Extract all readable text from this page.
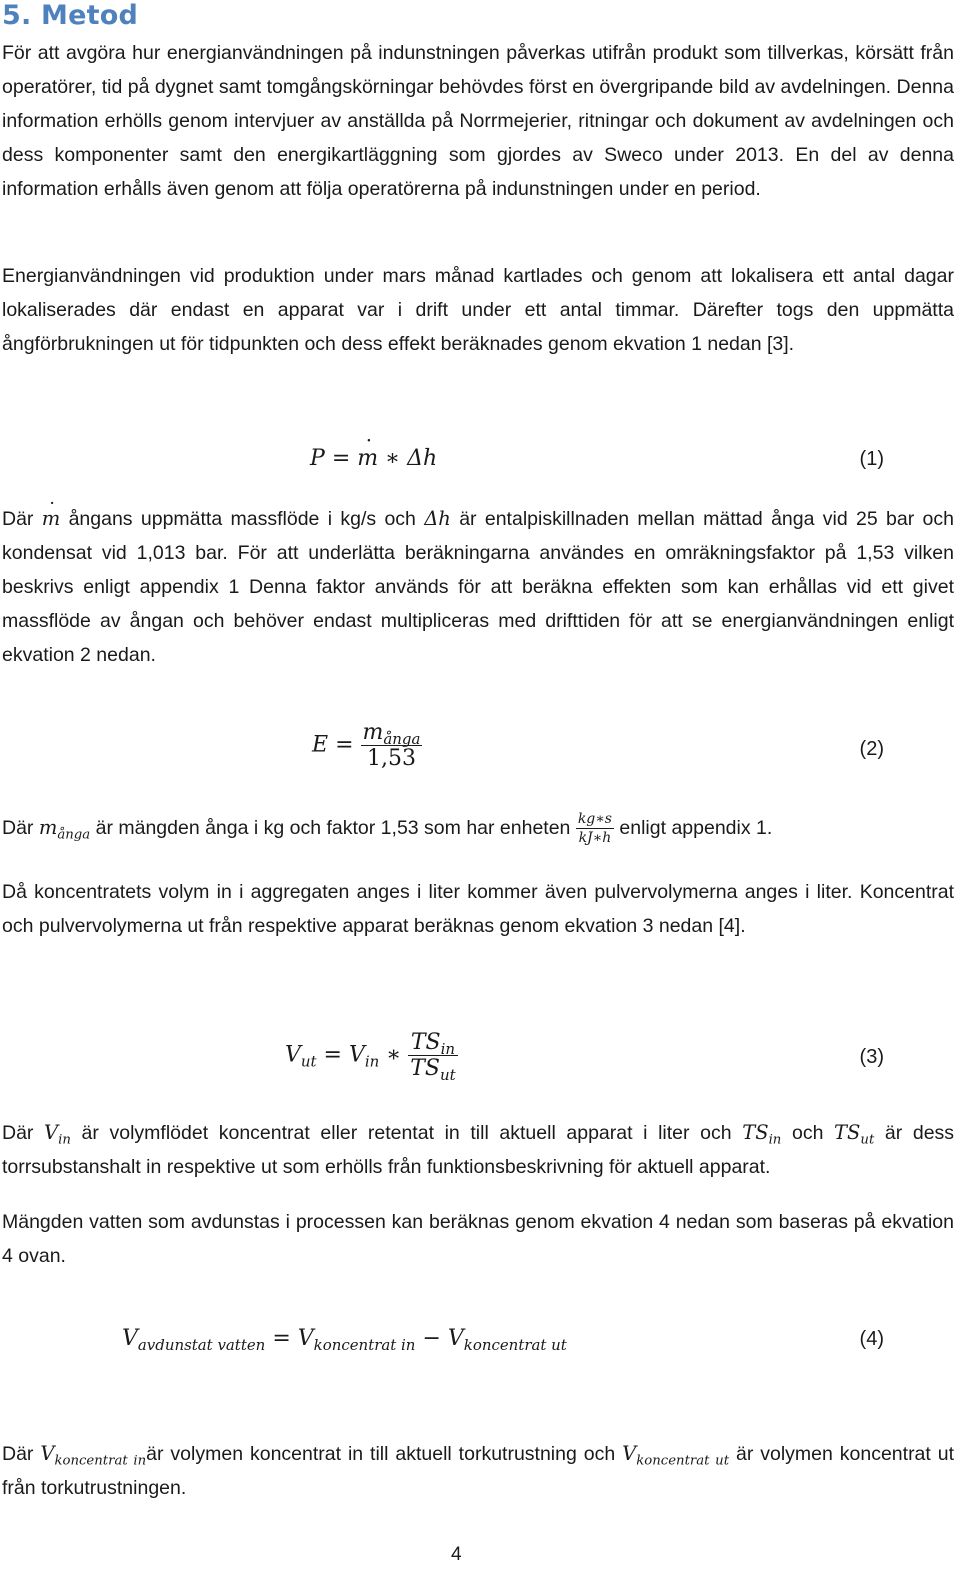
5. Metod

För att avgöra hur energianvändningen på indunstningen påverkas utifrån produkt som tillverkas, körsätt från operatörer, tid på dygnet samt tomgångskörningar behövdes först en övergripande bild av avdelningen. Denna information erhölls genom intervjuer av anställda på Norrmejerier, ritningar och dokument av avdelningen och dess komponenter samt den energikartläggning som gjordes av Sweco under 2013. En del av denna information erhålls även genom att följa operatörerna på indunstningen under en period.

Energianvändningen vid produktion under mars månad kartlades och genom att lokalisera ett antal dagar lokaliserades där endast en apparat var i drift under ett antal timmar. Därefter togs den uppmätta ångförbrukningen ut för tidpunkten och dess effekt beräknades genom ekvation 1 nedan [3].

P = ˙ m ∗ Δh	(1)

Där ˙ m ångans uppmätta massflöde i kg/s och Δh är entalpiskillnaden mellan mättad ånga vid 25 bar och kondensat vid 1,013 bar. För att underlätta beräkningarna användes en omräkningsfaktor på 1,53 vilken beskrivs enligt appendix 1 Denna faktor används för att beräkna effekten som kan erhållas vid ett givet massflöde av ångan och behöver endast multipliceras med drifttiden för att se energianvändningen enligt ekvation 2 nedan.

$E = \frac{m_{ånga}}{1,53}$	(2)

Där $m_{ånga}$ är mängden ånga i kg och faktor 1,53 som har enheten $\frac{kg∗s}{kJ∗h}$ enligt appendix 1.

Då koncentratets volym in i aggregaten anges i liter kommer även pulvervolymerna anges i liter. Koncentrat och pulvervolymerna ut från respektive apparat beräknas genom ekvation 3 nedan [4].

$V_{ut} = V_{in}$ ∗ $\frac{TS_{in}}{TS_{ut}}$	(3)

Där $V_{in}$ är volymflödet koncentrat eller retentat in till aktuell apparat i liter och $TS_{in}$ och $TS_{ut}$ är dess torrsubstanshalt in respektive ut som erhölls från funktionsbeskrivning för aktuell apparat.

Mängden vatten som avdunstas i processen kan beräknas genom ekvation 4 nedan som baseras på ekvation 4 ovan.

$V_{avdunstat vatten} = V_{koncentrat in} - V_{koncentrat ut}$	(4)

Där $V_{koncentrat in}är$ volymen koncentrat in till aktuell torkutrustning och $V_{koncentrat ut}$ är volymen koncentrat ut från torkutrustningen.

4
